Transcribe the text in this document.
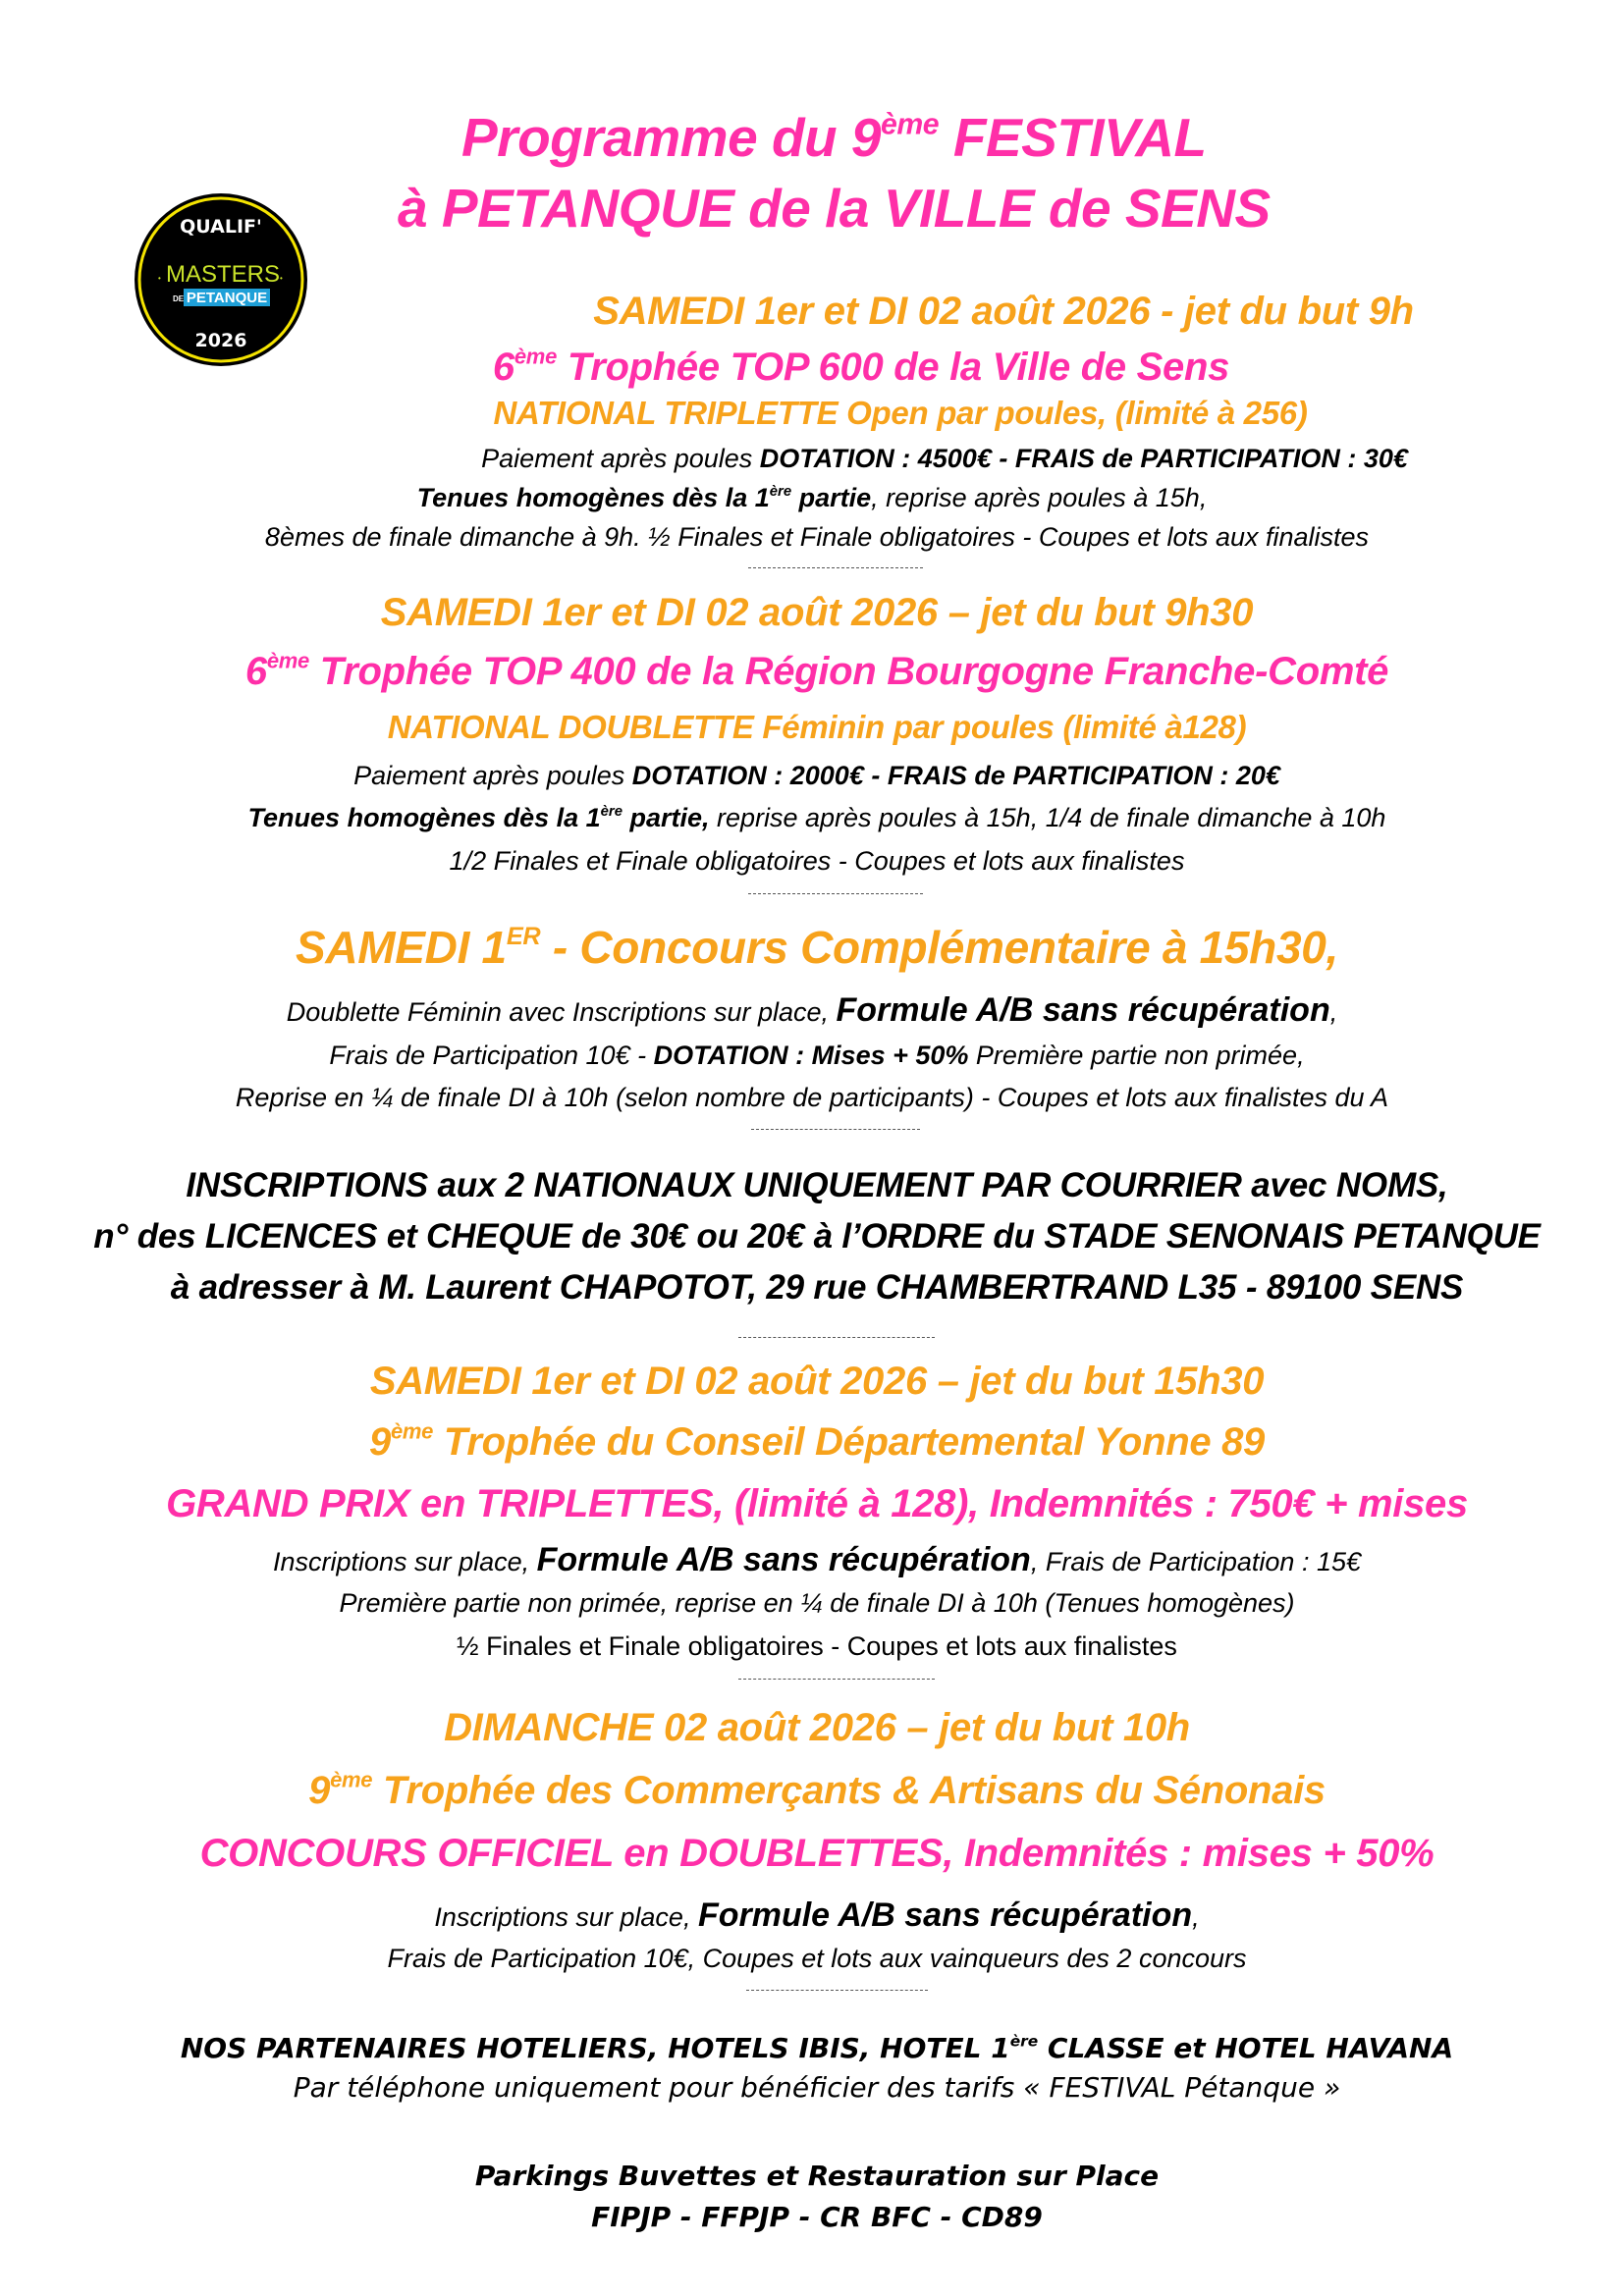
QUALIF'
MASTERS
•	•
DE PETANQUE
2026
Programme du 9ème FESTIVAL
à PETANQUE de la VILLE de SENS
SAMEDI 1er et DI 02 août 2026 - jet du but 9h
6ème Trophée TOP 600 de la Ville de Sens
NATIONAL TRIPLETTE Open par poules, (limité à 256)
Paiement après poules DOTATION : 4500€ - FRAIS de PARTICIPATION : 30€
Tenues homogènes dès la 1ère partie, reprise après poules à 15h,
8èmes de finale dimanche à 9h. ½ Finales et Finale obligatoires - Coupes et lots aux finalistes
SAMEDI 1er et DI 02 août 2026 – jet du but 9h30
6ème Trophée TOP 400 de la Région Bourgogne Franche-Comté
NATIONAL DOUBLETTE Féminin par poules (limité à128)
Paiement après poules DOTATION : 2000€ - FRAIS de PARTICIPATION : 20€
Tenues homogènes dès la 1ère partie, reprise après poules à 15h, 1/4 de finale dimanche à 10h
1/2 Finales et Finale obligatoires - Coupes et lots aux finalistes
SAMEDI 1ER - Concours Complémentaire à 15h30,
Doublette Féminin avec Inscriptions sur place, Formule A/B sans récupération,
Frais de Participation 10€ - DOTATION : Mises + 50% Première partie non primée,
Reprise en ¼ de finale DI à 10h (selon nombre de participants) - Coupes et lots aux finalistes du A
INSCRIPTIONS aux 2 NATIONAUX UNIQUEMENT PAR COURRIER avec NOMS,
n° des LICENCES et CHEQUE de 30€ ou 20€ à l’ORDRE du STADE SENONAIS PETANQUE
à adresser à M. Laurent CHAPOTOT, 29 rue CHAMBERTRAND L35 - 89100 SENS
SAMEDI 1er et DI 02 août 2026 – jet du but 15h30
9ème Trophée du Conseil Départemental Yonne 89
GRAND PRIX en TRIPLETTES, (limité à 128), Indemnités : 750€ + mises
Inscriptions sur place, Formule A/B sans récupération, Frais de Participation : 15€
Première partie non primée, reprise en ¼ de finale DI à 10h (Tenues homogènes)
½ Finales et Finale obligatoires - Coupes et lots aux finalistes
DIMANCHE 02 août 2026 – jet du but 10h
9ème Trophée des Commerçants & Artisans du Sénonais
CONCOURS OFFICIEL en DOUBLETTES, Indemnités : mises + 50%
Inscriptions sur place, Formule A/B sans récupération,
Frais de Participation 10€, Coupes et lots aux vainqueurs des 2 concours
NOS PARTENAIRES HOTELIERS, HOTELS IBIS, HOTEL 1ère CLASSE et HOTEL HAVANA
Par téléphone uniquement pour bénéficier des tarifs « FESTIVAL Pétanque »
Parkings Buvettes et Restauration sur Place
FIPJP - FFPJP - CR BFC - CD89
